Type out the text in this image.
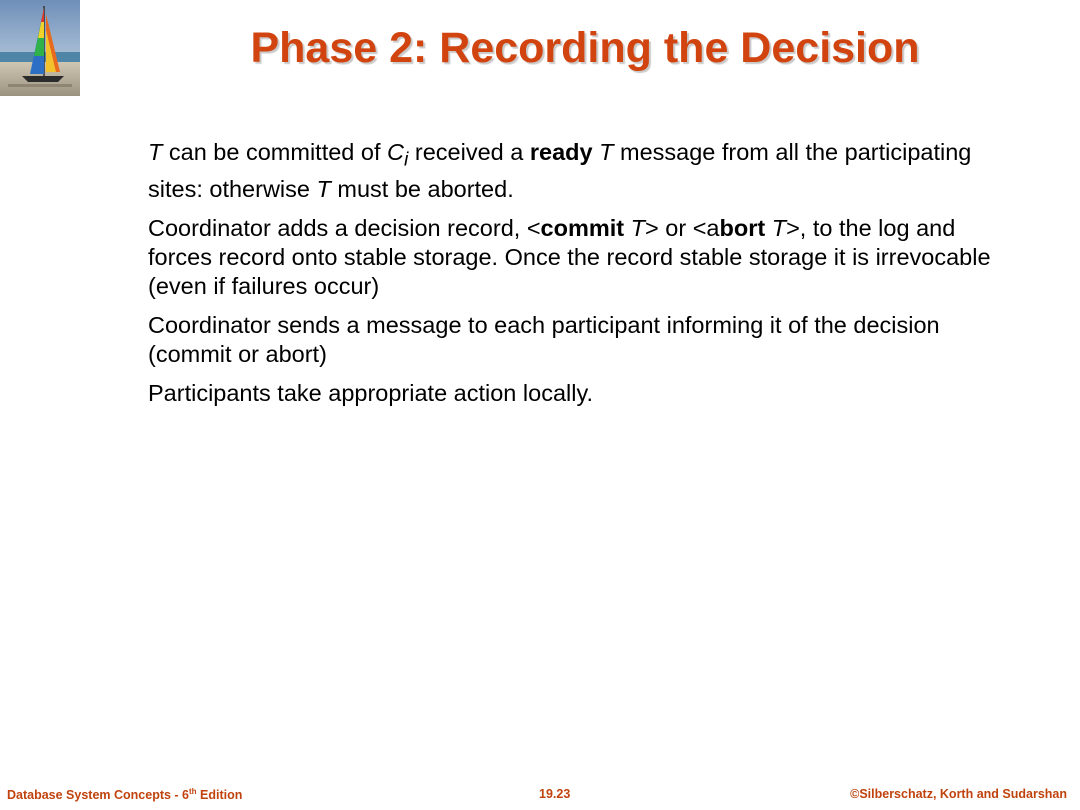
Phase 2: Recording the Decision

T can be committed of $C_i$ received a ready T message from all the participating sites: otherwise T must be aborted.

Coordinator adds a decision record, <commit T> or <abort T>, to the log and forces record onto stable storage. Once the record stable storage it is irrevocable (even if failures occur)

Coordinator sends a message to each participant informing it of the decision (commit or abort)

Participants take appropriate action locally.

Database System Concepts - 6th Edition	19.23	©Silberschatz, Korth and Sudarshan
